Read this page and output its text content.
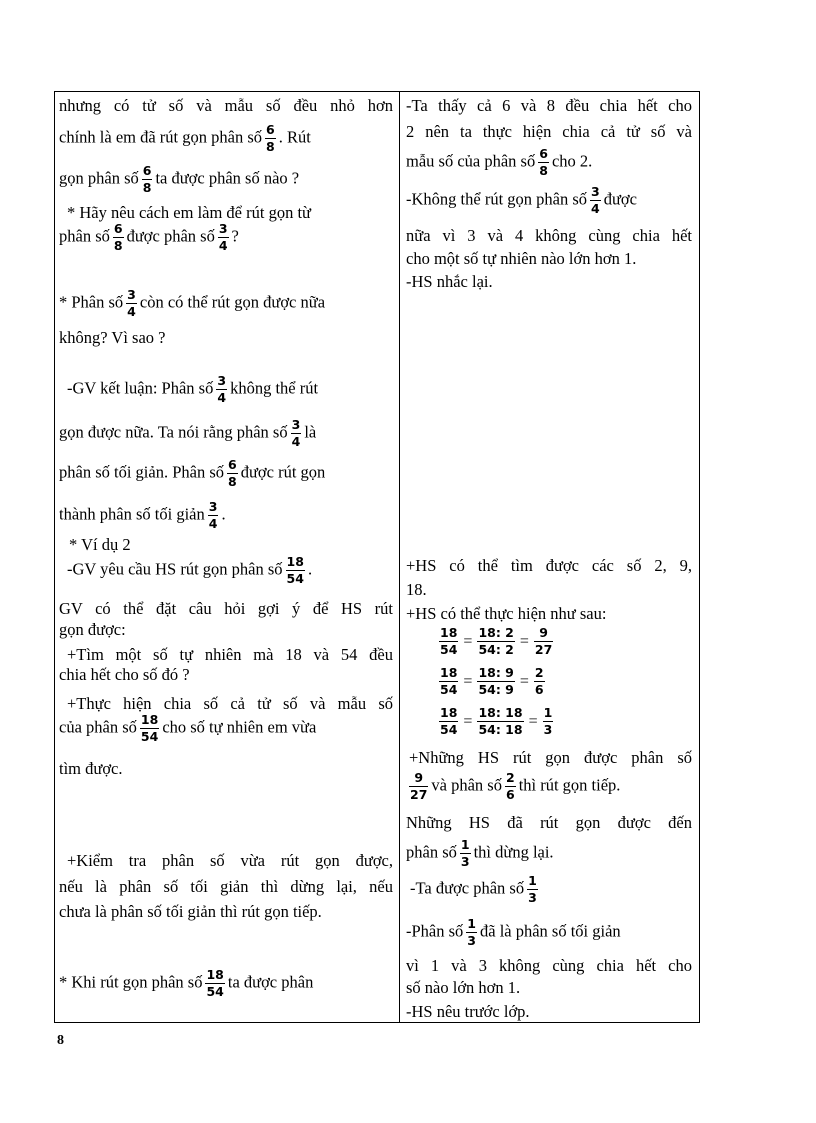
nhưng có tử số và mẫu số đều nhỏ hơn
chính là em đã rút gọn phân số $\frac{6}{8}$ . Rút
gọn phân số $\frac{6}{8}$ ta được phân số nào ?
* Hãy nêu cách em làm để rút gọn từ
phân số $\frac{6}{8}$ được phân số $\frac{3}{4}$ ?
* Phân số $\frac{3}{4}$ còn có thể rút gọn được nữa
không? Vì sao ?
-GV kết luận: Phân số $\frac{3}{4}$ không thể rút
gọn được nữa. Ta nói rằng phân số $\frac{3}{4}$ là
phân số tối giản. Phân số $\frac{6}{8}$ được rút gọn
thành phân số tối giản $\frac{3}{4}$ .
* Ví dụ 2
-GV yêu cầu HS rút gọn phân số $\frac{18}{54}$ .
GV có thể đặt câu hỏi gợi ý để HS rút
gọn được:
+Tìm một số tự nhiên mà 18 và 54 đều
chia hết cho số đó ?
+Thực hiện chia số cả tử số và mẫu số
của phân số $\frac{18}{54}$ cho số tự nhiên em vừa
tìm được.
+Kiểm tra phân số vừa rút gọn được,
nếu là phân số tối giản thì dừng lại, nếu
chưa là phân số tối giản thì rút gọn tiếp.
* Khi rút gọn phân số $\frac{18}{54}$ ta được phân
-Ta thấy cả 6 và 8 đều chia hết cho
2 nên ta thực hiện chia cả tử số và
mẫu số của phân số $\frac{6}{8}$ cho 2.
-Không thể rút gọn phân số $\frac{3}{4}$ được
nữa vì 3 và 4 không cùng chia hết
cho một số tự nhiên nào lớn hơn 1.
-HS nhắc lại.
+HS có thể tìm được các số 2, 9,
18.
+HS có thể thực hiện như sau:
$\frac{18}{54} = \frac{18: 2}{54: 2} = \frac{9}{27}$
$\frac{18}{54} = \frac{18: 9}{54: 9} = \frac{2}{6}$
$\frac{18}{54} = \frac{18: 18}{54: 18} = \frac{1}{3}$
+Những HS rút gọn được phân số
$\frac{9}{27}$ và phân số $\frac{2}{6}$ thì rút gọn tiếp.
Những HS đã rút gọn được đến
phân số $\frac{1}{3}$ thì dừng lại.
-Ta được phân số $\frac{1}{3}$
-Phân số $\frac{1}{3}$ đã là phân số tối giản
vì 1 và 3 không cùng chia hết cho
số nào lớn hơn 1.
-HS nêu trước lớp.
8
